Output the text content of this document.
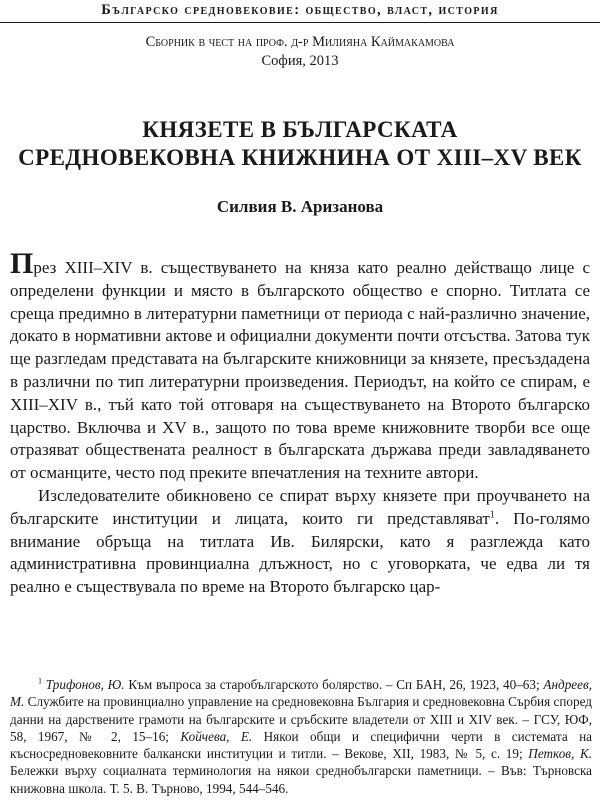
Българско средновековие: общество, власт, история
Сборник в чест на проф. д-р Милияна Каймакамова
София, 2013
КНЯЗЕТЕ В БЪЛГАРСКАТА
СРЕДНОВЕКОВНА КНИЖНИНА ОТ XIII–XV ВЕК
Силвия В. Аризанова

През XIII–XIV в. съществуването на княза като реално действащо лице с определени функции и място в българското общество е спорно. Титлата се среща предимно в литературни паметници от периода с най-различно значение, докато в нормативни актове и официални документи почти отсъства. Затова тук ще разгледам представата на българските книжовници за князете, пресъздадена в различни по тип литературни произведения. Периодът, на който се спирам, е XIII–XIV в., тъй като той отговаря на съществуването на Второто българско царство. Включва и XV в., защото по това време книжовните творби все още отразяват обществената реалност в българската държава преди завладяването от османците, често под преките впечатления на техните автори.

Изследователите обикновено се спират върху князете при проучването на българските институции и лицата, които ги представляват$^1$. По-голямо внимание обръща на титлата Ив. Билярски, като я разглежда като административна провинциална длъжност, но с уговорката, че едва ли тя реално е съществувала по време на Второто българско цар-

$^1$ Трифонов, Ю. Към въпроса за старобългарското болярство. – Сп БАН, 26, 1923, 40–63; Андреев, М. Службите на провинциално управление на средновековна България и средновековна Сърбия според данни на дарствените грамоти на българските и сръбските владетели от XIII и XIV век. – ГСУ, ЮФ, 58, 1967, № 2, 15–16; Койчева, Е. Някои общи и специфични черти в системата на късносредновековните балкански институции и титли. – Векове, XII, 1983, № 5, с. 19; Петков, К. Бележки върху социалната терминология на някои среднобългарски паметници. – Във: Търновска книжовна школа. Т. 5. В. Търново, 1994, 544–546.
